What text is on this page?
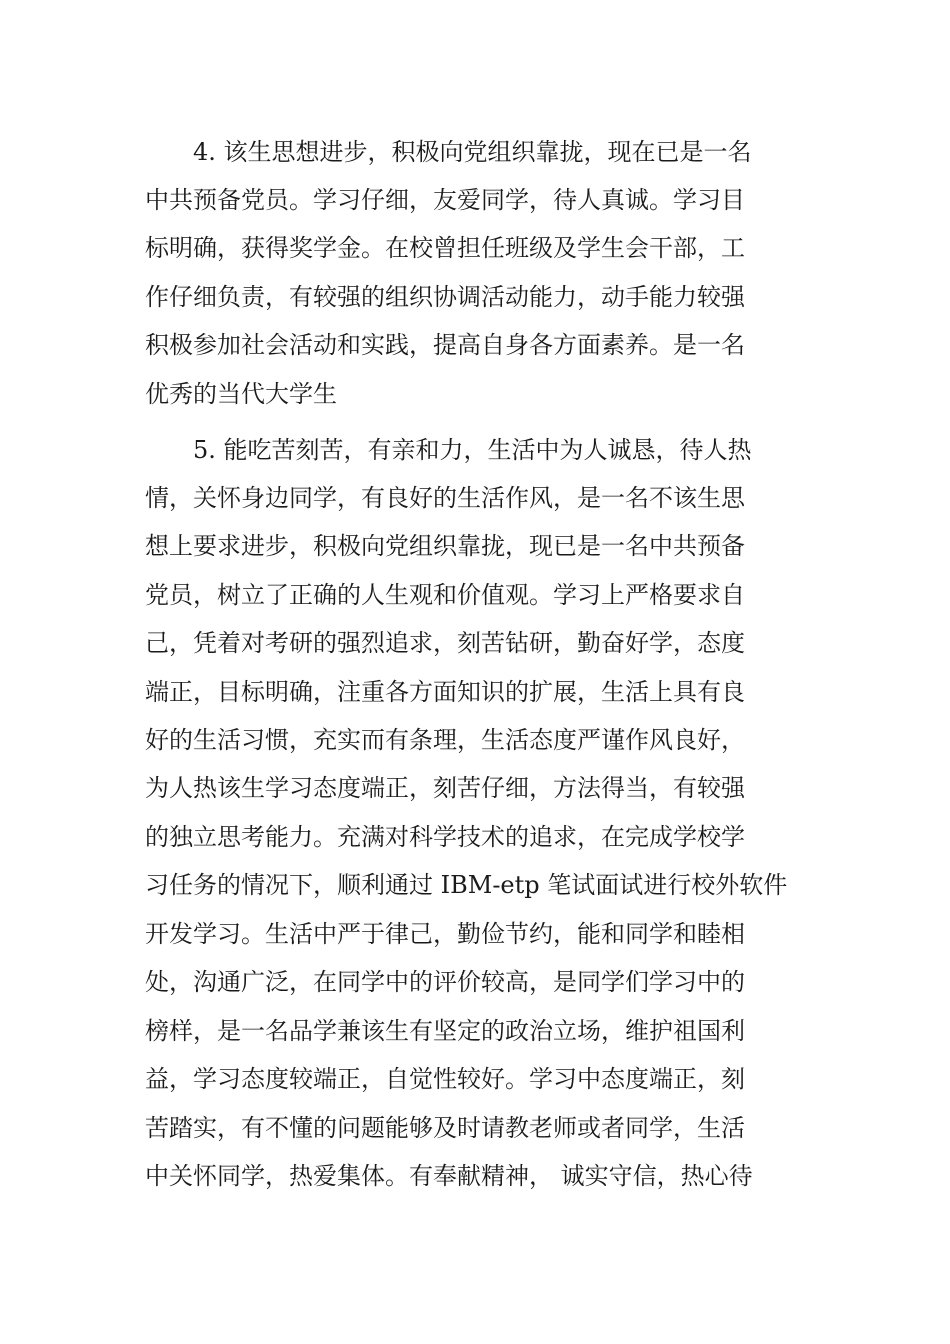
4. 该生思想进步，积极向党组织靠拢，现在已是一名
中共预备党员。学习仔细，友爱同学，待人真诚。学习目
标明确，获得奖学金。在校曾担任班级及学生会干部，工
作仔细负责，有较强的组织协调活动能力，动手能力较强
积极参加社会活动和实践，提高自身各方面素养。是一名
优秀的当代大学生
5. 能吃苦刻苦，有亲和力，生活中为人诚恳，待人热
情，关怀身边同学，有良好的生活作风，是一名不该生思
想上要求进步，积极向党组织靠拢，现已是一名中共预备
党员，树立了正确的人生观和价值观。学习上严格要求自
己，凭着对考研的强烈追求，刻苦钻研，勤奋好学，态度
端正，目标明确，注重各方面知识的扩展，生活上具有良
好的生活习惯，充实而有条理，生活态度严谨作风良好，
为人热该生学习态度端正，刻苦仔细，方法得当，有较强
的独立思考能力。充满对科学技术的追求，在完成学校学
习任务的情况下，顺利通过 IBM-etp 笔试面试进行校外软件
开发学习。生活中严于律己，勤俭节约，能和同学和睦相
处，沟通广泛，在同学中的评价较高，是同学们学习中的
榜样，是一名品学兼该生有坚定的政治立场，维护祖国利
益，学习态度较端正，自觉性较好。学习中态度端正，刻
苦踏实，有不懂的问题能够及时请教老师或者同学，生活
中关怀同学，热爱集体。有奉献精神， 诚实守信，热心待
